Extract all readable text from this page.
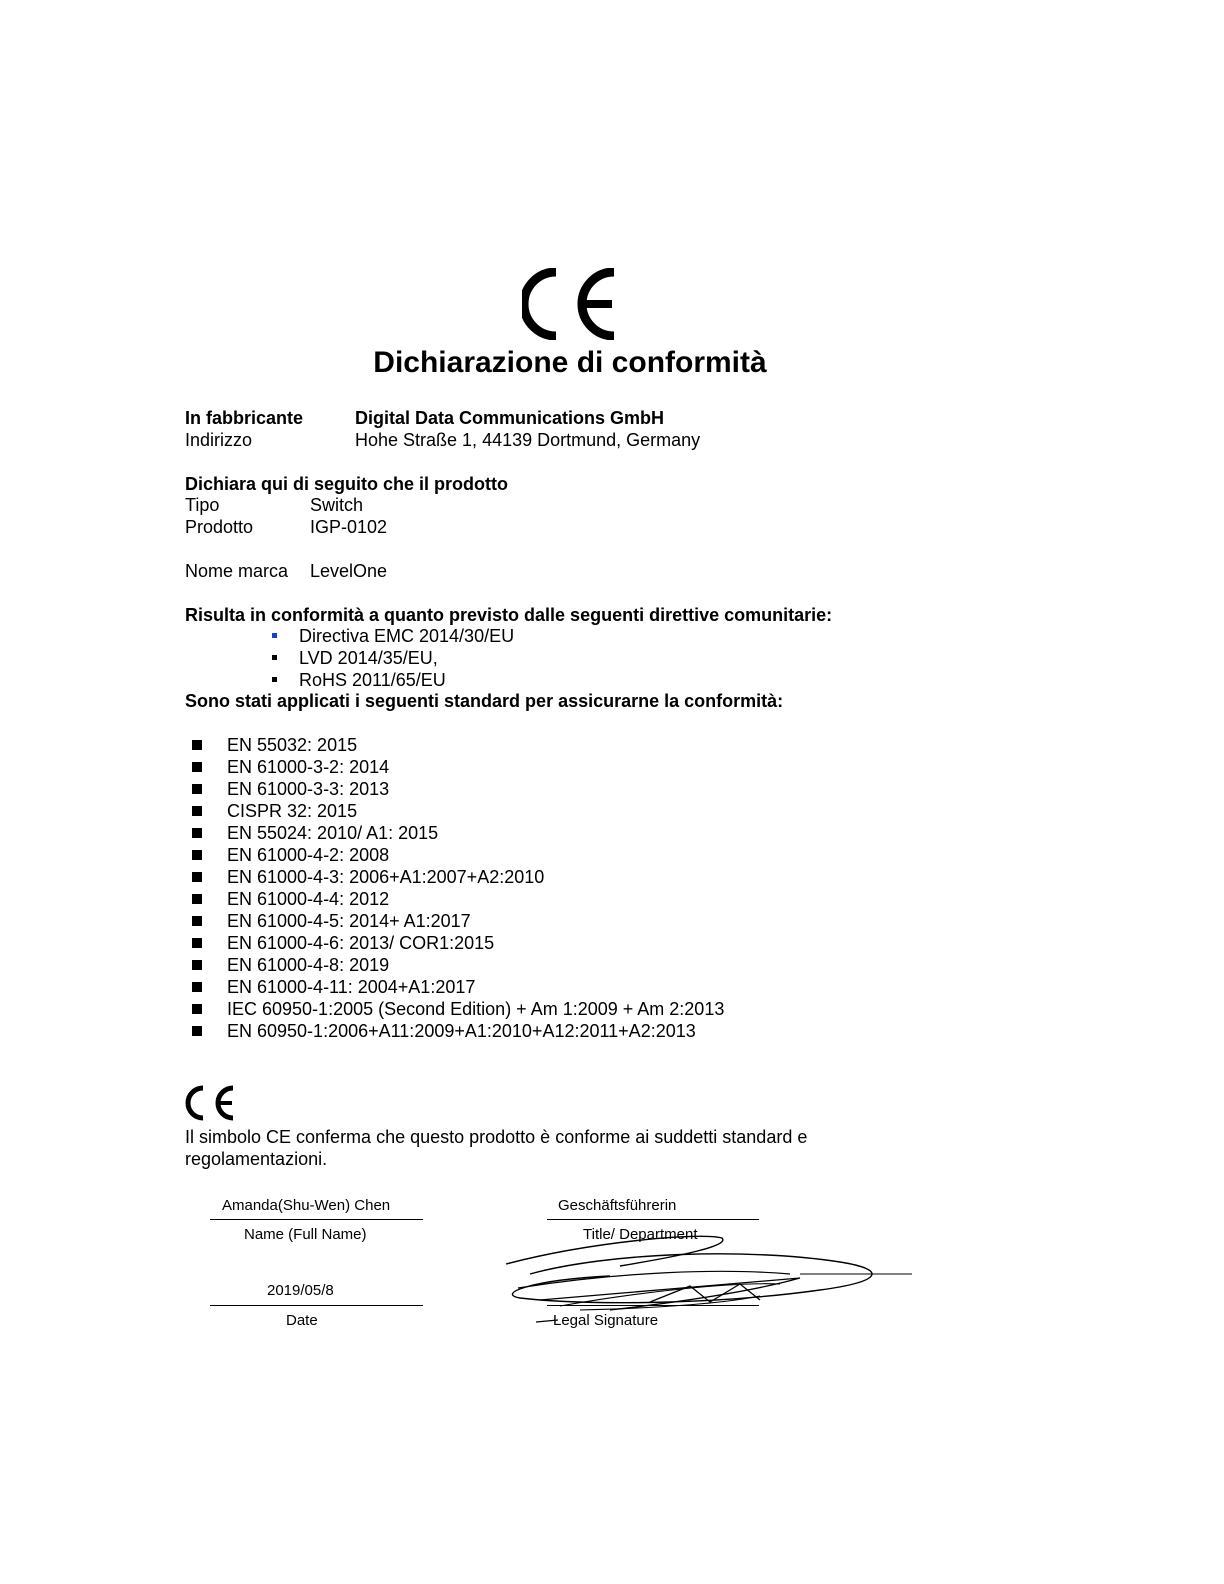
Dichiarazione di conformità
In fabbricante	Digital Data Communications GmbH
Indirizzo	Hohe Straße 1, 44139 Dortmund, Germany
Dichiara qui di seguito che il prodotto
Tipo	Switch
Prodotto	IGP-0102
Nome marca LevelOne
Risulta in conformità a quanto previsto dalle seguenti direttive comunitarie:
Directiva EMC 2014/30/EU
LVD 2014/35/EU,
RoHS 2011/65/EU
Sono stati applicati i seguenti standard per assicurarne la conformità:
EN 55032: 2015
EN 61000-3-2: 2014
EN 61000-3-3: 2013
CISPR 32: 2015
EN 55024: 2010/ A1: 2015
EN 61000-4-2: 2008
EN 61000-4-3: 2006+A1:2007+A2:2010
EN 61000-4-4: 2012
EN 61000-4-5: 2014+ A1:2017
EN 61000-4-6: 2013/ COR1:2015
EN 61000-4-8: 2019
EN 61000-4-11: 2004+A1:2017
IEC 60950-1:2005 (Second Edition) + Am 1:2009 + Am 2:2013
EN 60950-1:2006+A11:2009+A1:2010+A12:2011+A2:2013
Il simbolo CE conferma che questo prodotto è conforme ai suddetti standard e
regolamentazioni.
Amanda(Shu-Wen) Chen
Name (Full Name)
2019/05/8
Date
Geschäftsführerin
Title/ Department
Legal Signature
